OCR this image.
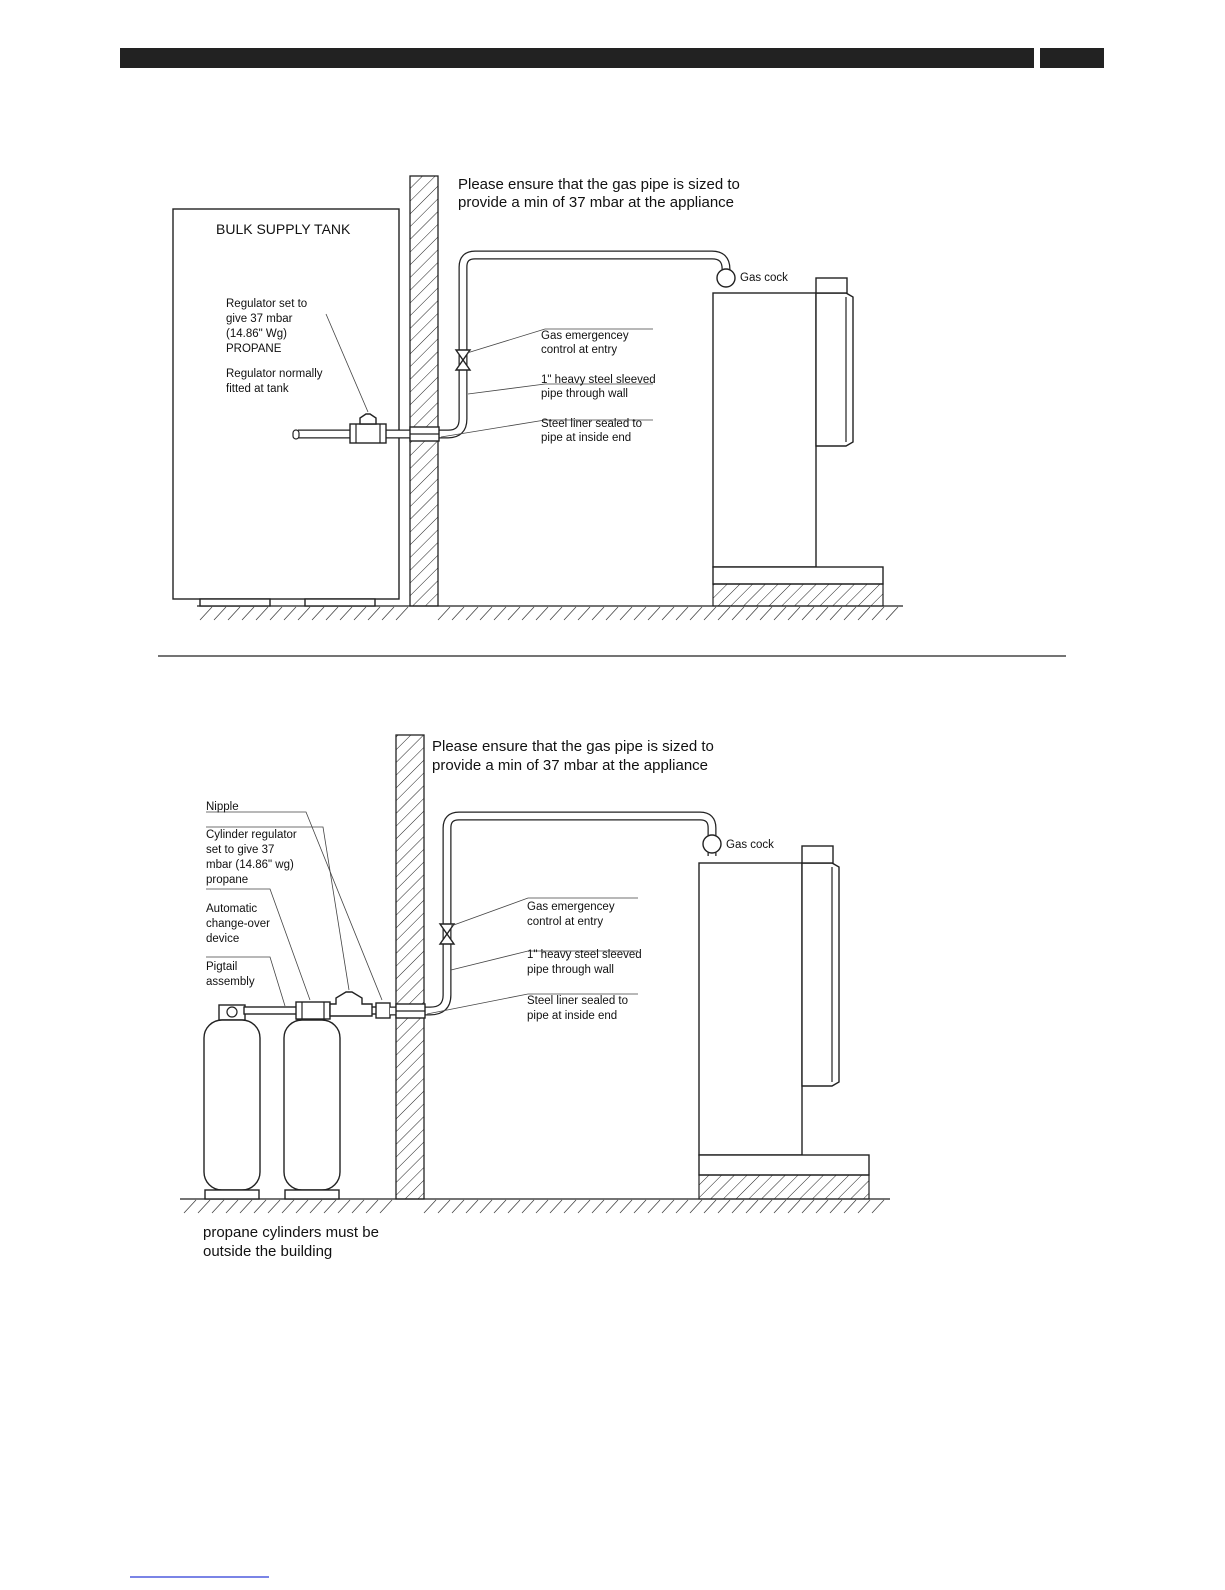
Please ensure that the gas pipe is sized to
provide a min of 37 mbar at the appliance
BULK SUPPLY TANK
Regulator set to
give 37 mbar
(14.86" Wg)
PROPANE
Regulator normally
fitted at tank
Gas cock
Gas emergencey
control at entry
1" heavy steel sleeved
pipe through wall
Steel liner sealed to
pipe at inside end
Please ensure that the gas pipe is sized to
provide a min of 37 mbar at the appliance
Nipple
Cylinder regulator
set to give 37
mbar (14.86" wg)
propane
Automatic
change-over
device
Pigtail
assembly
Gas cock
Gas emergencey
control at entry
1" heavy steel sleeved
pipe through wall
Steel liner sealed to
pipe at inside end
propane cylinders must be
outside the building
